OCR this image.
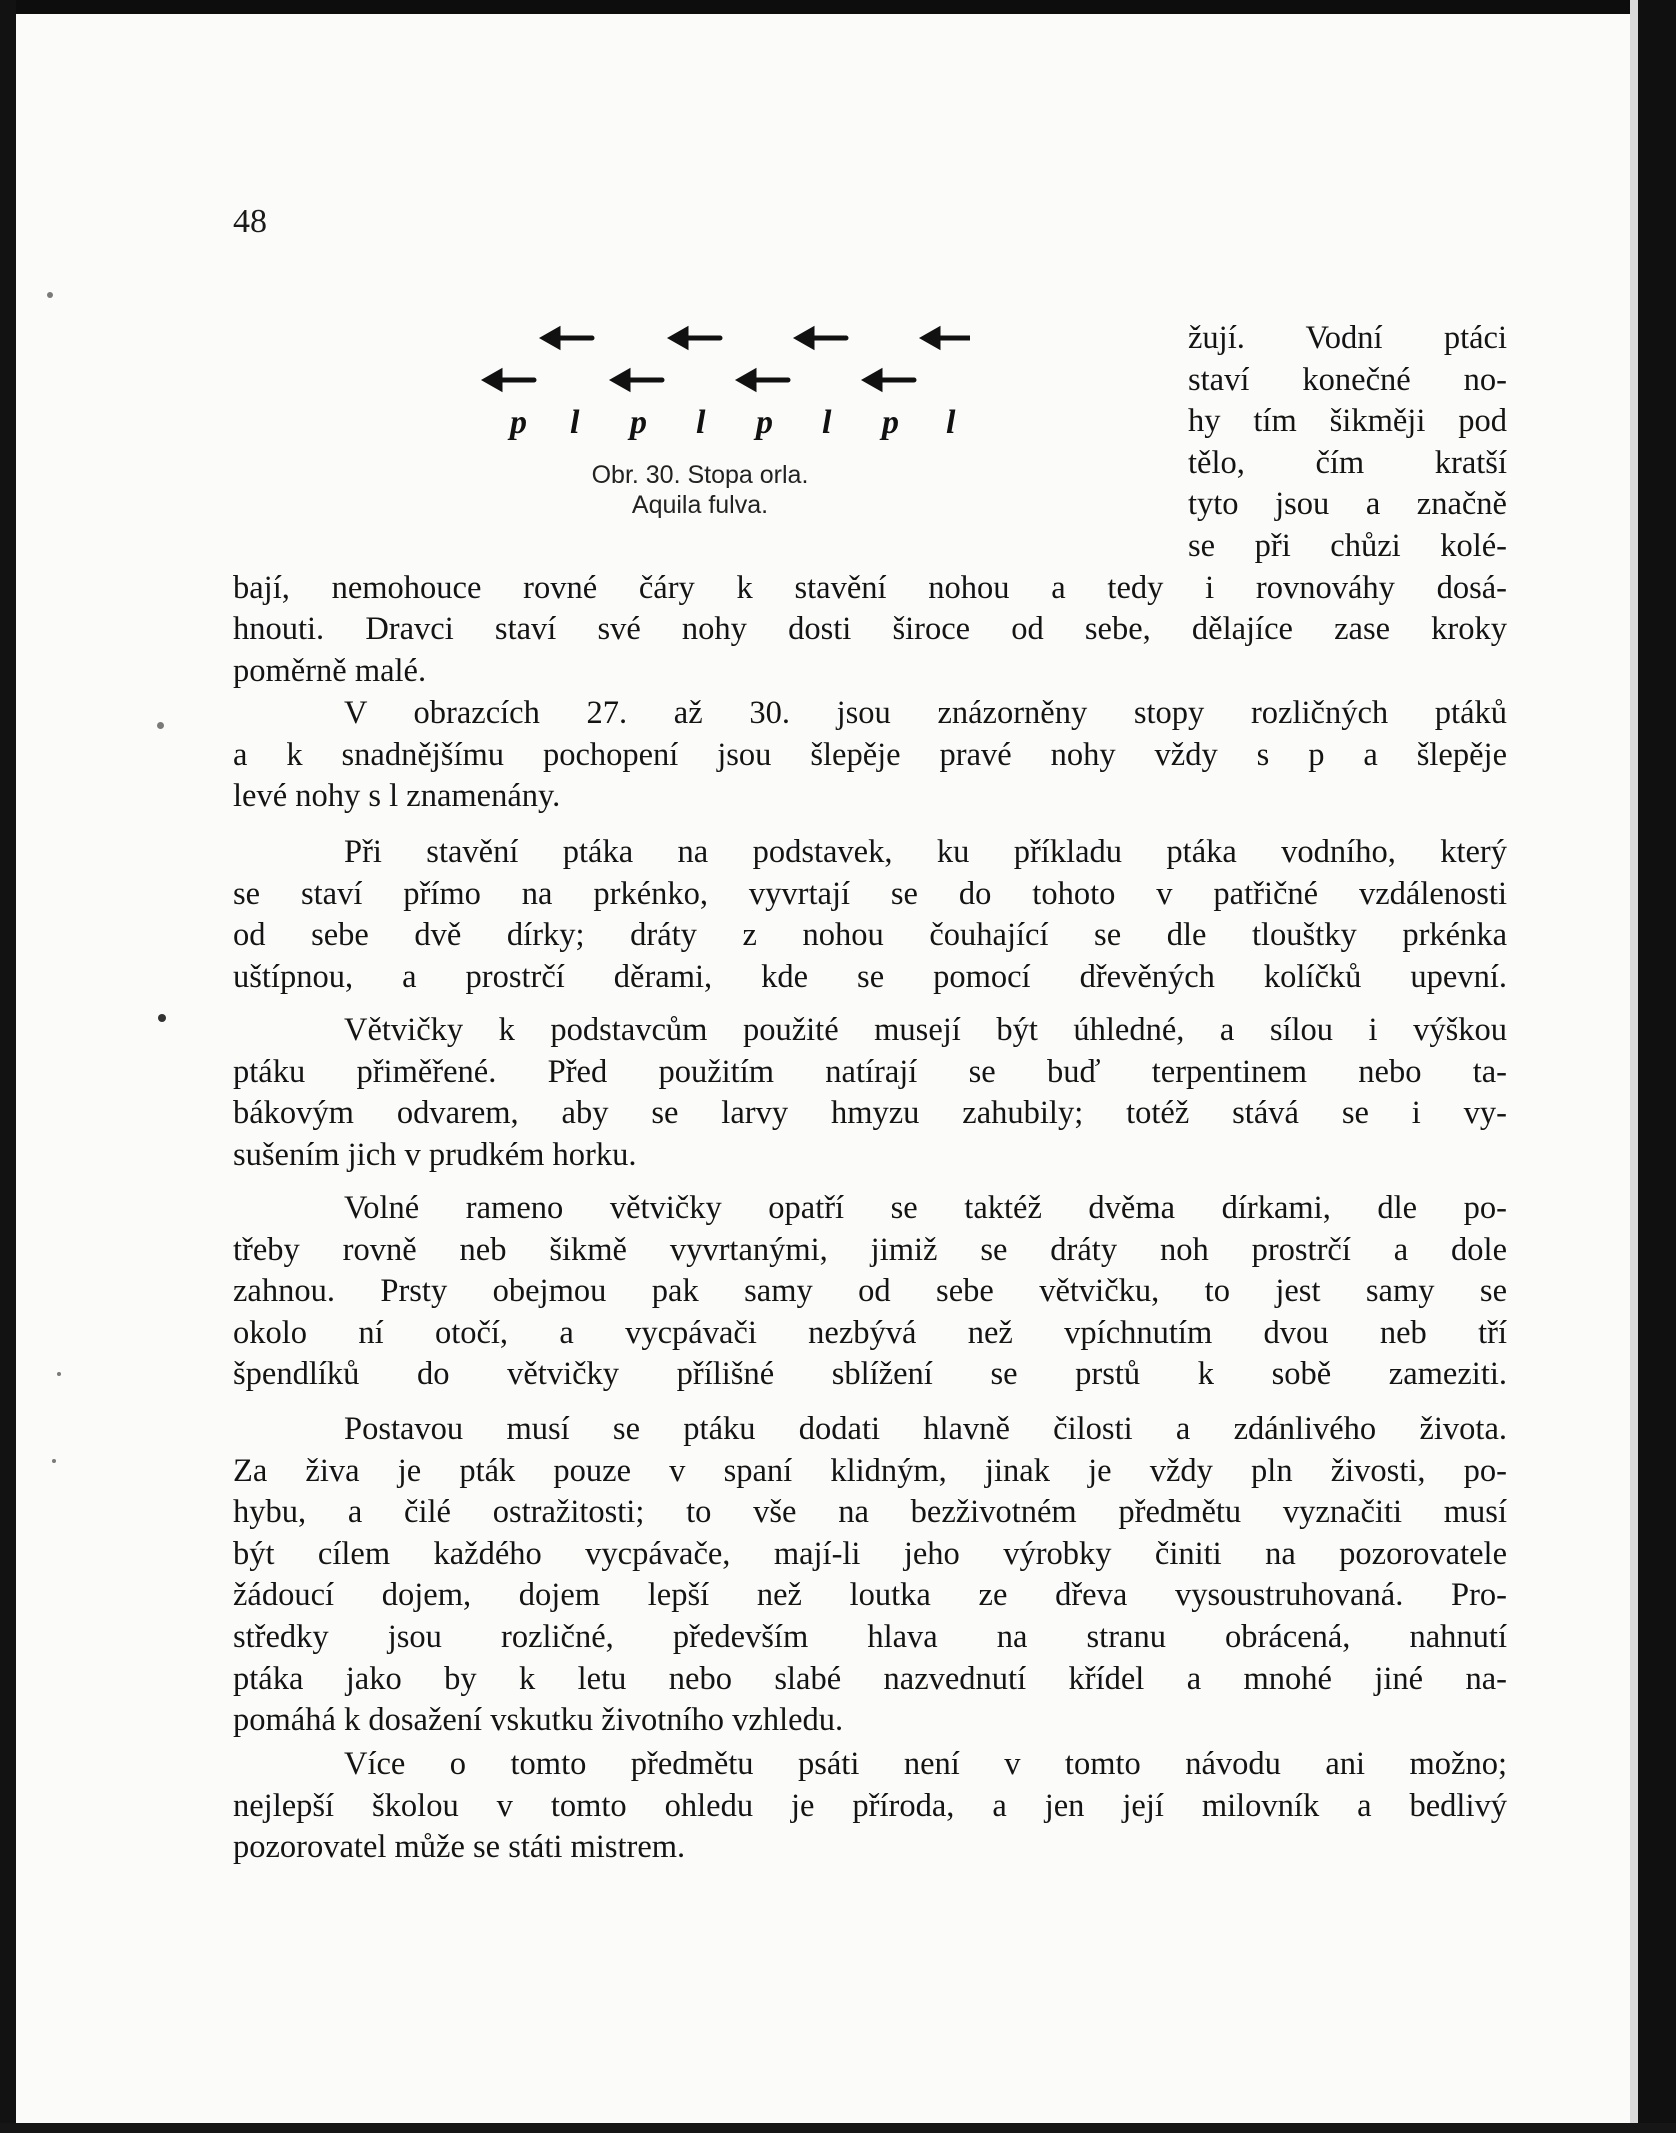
48

p l p l p l p l
Obr. 30. Stopa orla.
Aquila fulva.
žují. Vodní ptáci
staví konečné no-
hy tím šikměji pod
tělo, čím kratší
tyto jsou a značně
se při chůzi kolé-
bají, nemohouce rovné čáry k stavění nohou a tedy i rovnováhy dosá-
hnouti. Dravci staví své nohy dosti široce od sebe, dělajíce zase kroky
poměrně malé.
V obrazcích 27. až 30. jsou znázorněny stopy rozličných ptáků
a k snadnějšímu pochopení jsou šlepěje pravé nohy vždy s p a šlepěje
levé nohy s l znamenány.
Při stavění ptáka na podstavek, ku příkladu ptáka vodního, který
se staví přímo na prkénko, vyvrtají se do tohoto v patřičné vzdálenosti
od sebe dvě dírky; dráty z nohou čouhající se dle tlouštky prkénka
uštípnou, a prostrčí děrami, kde se pomocí dřevěných kolíčků upevní.
Větvičky k podstavcům použité musejí být úhledné, a sílou i výškou
ptáku přiměřené. Před použitím natírají se buď terpentinem nebo ta-
bákovým odvarem, aby se larvy hmyzu zahubily; totéž stává se i vy-
sušením jich v prudkém horku.
Volné rameno větvičky opatří se taktéž dvěma dírkami, dle po-
třeby rovně neb šikmě vyvrtanými, jimiž se dráty noh prostrčí a dole
zahnou. Prsty obejmou pak samy od sebe větvičku, to jest samy se
okolo ní otočí, a vycpávači nezbývá než vpíchnutím dvou neb tří
špendlíků do větvičky přílišné sblížení se prstů k sobě zameziti.
Postavou musí se ptáku dodati hlavně čilosti a zdánlivého života.
Za živa je pták pouze v spaní klidným, jinak je vždy pln živosti, po-
hybu, a čilé ostražitosti; to vše na bezživotném předmětu vyznačiti musí
být cílem každého vycpávače, mají-li jeho výrobky činiti na pozorovatele
žádoucí dojem, dojem lepší než loutka ze dřeva vysoustruhovaná. Pro-
středky jsou rozličné, především hlava na stranu obrácená, nahnutí
ptáka jako by k letu nebo slabé nazvednutí křídel a mnohé jiné na-
pomáhá k dosažení vskutku životního vzhledu.
Více o tomto předmětu psáti není v tomto návodu ani možno;
nejlepší školou v tomto ohledu je příroda, a jen její milovník a bedlivý
pozorovatel může se státi mistrem.
